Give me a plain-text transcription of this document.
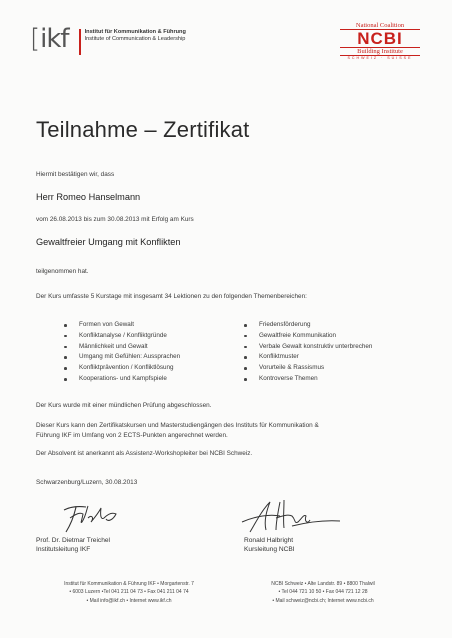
[ ikf	Institut für Kommunikation & Führung
Institute of Communication & Leadership
National Coalition
NCBI
Building Institute
SCHWEIZ · SUISSE
Teilnahme – Zertifikat
Hiermit bestätigen wir, dass
Herr Romeo Hanselmann
vom 26.08.2013 bis zum 30.08.2013 mit Erfolg am Kurs
Gewaltfreier Umgang mit Konflikten
teilgenommen hat.
Der Kurs umfasste 5 Kurstage mit insgesamt 34 Lektionen zu den folgenden Themenbereichen:
Formen von Gewalt
Konfliktanalyse / Konfliktgründe
Männlichkeit und Gewalt
Umgang mit Gefühlen: Aussprachen
Konfliktprävention / Konfliktlösung
Kooperations- und Kampfspiele
Friedensförderung
Gewaltfreie Kommunikation
Verbale Gewalt konstruktiv unterbrechen
Konfliktmuster
Vorurteile & Rassismus
Kontroverse Themen
Der Kurs wurde mit einer mündlichen Prüfung abgeschlossen.
Dieser Kurs kann den Zertifikatskursen und Masterstudiengängen des Instituts für Kommunikation &
Führung IKF im Umfang von 2 ECTS-Punkten angerechnet werden.
Der Absolvent ist anerkannt als Assistenz-Workshopleiter bei NCBI Schweiz.
Schwarzenburg/Luzern, 30.08.2013
Prof. Dr. Dietmar Treichel
Institutsleitung IKF
Ronald Halbright
Kursleitung NCBI
Institut für Kommunikation & Führung IKF • Morgartenstr. 7
• 6003 Luzern •Tel 041 211 04 73 • Fax 041 211 04 74
• Mail info@ikf.ch • Internet www.ikf.ch
NCBI Schweiz • Alte Landstr. 89 • 8800 Thalwil
• Tel 044 721 10 50 • Fax 044 721 12 28
• Mail schweiz@ncbi.ch; Internet www.ncbi.ch
